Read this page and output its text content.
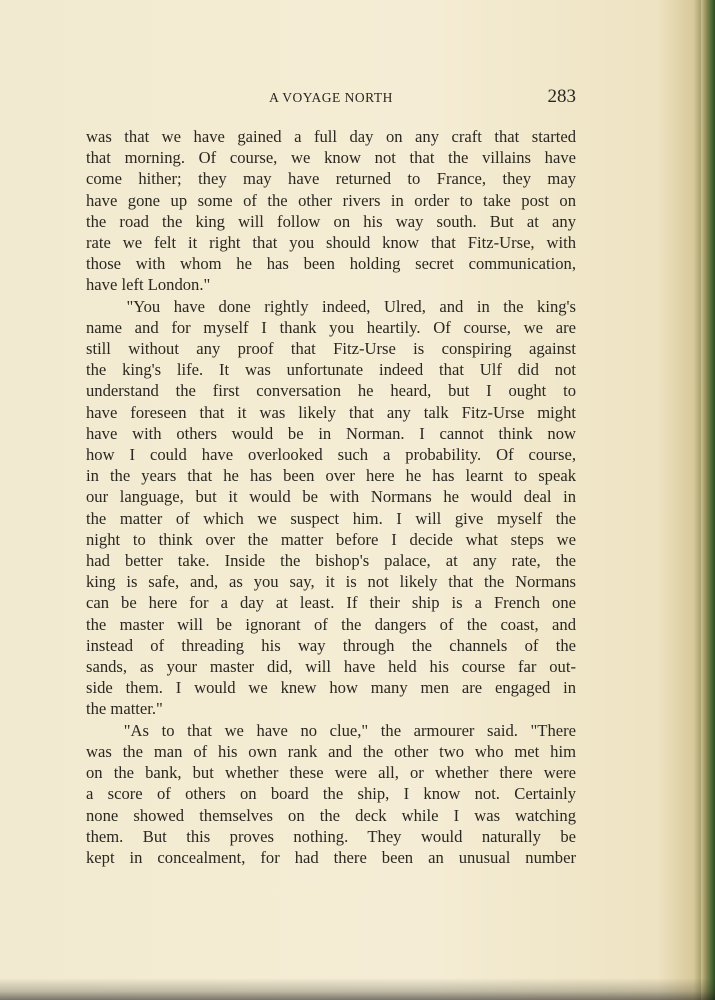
A VOYAGE NORTH	283
was that we have gained a full day on any craft that started
that morning. Of course, we know not that the villains have
come hither; they may have returned to France, they may
have gone up some of the other rivers in order to take post on
the road the king will follow on his way south. But at any
rate we felt it right that you should know that Fitz-Urse, with
those with whom he has been holding secret communication,
have left London."
"You have done rightly indeed, Ulred, and in the king's
name and for myself I thank you heartily. Of course, we are
still without any proof that Fitz-Urse is conspiring against
the king's life. It was unfortunate indeed that Ulf did not
understand the first conversation he heard, but I ought to
have foreseen that it was likely that any talk Fitz-Urse might
have with others would be in Norman. I cannot think now
how I could have overlooked such a probability. Of course,
in the years that he has been over here he has learnt to speak
our language, but it would be with Normans he would deal in
the matter of which we suspect him. I will give myself the
night to think over the matter before I decide what steps we
had better take. Inside the bishop's palace, at any rate, the
king is safe, and, as you say, it is not likely that the Normans
can be here for a day at least. If their ship is a French one
the master will be ignorant of the dangers of the coast, and
instead of threading his way through the channels of the
sands, as your master did, will have held his course far out-
side them. I would we knew how many men are engaged in
the matter."
"As to that we have no clue," the armourer said. "There
was the man of his own rank and the other two who met him
on the bank, but whether these were all, or whether there were
a score of others on board the ship, I know not. Certainly
none showed themselves on the deck while I was watching
them. But this proves nothing. They would naturally be
kept in concealment, for had there been an unusual number
